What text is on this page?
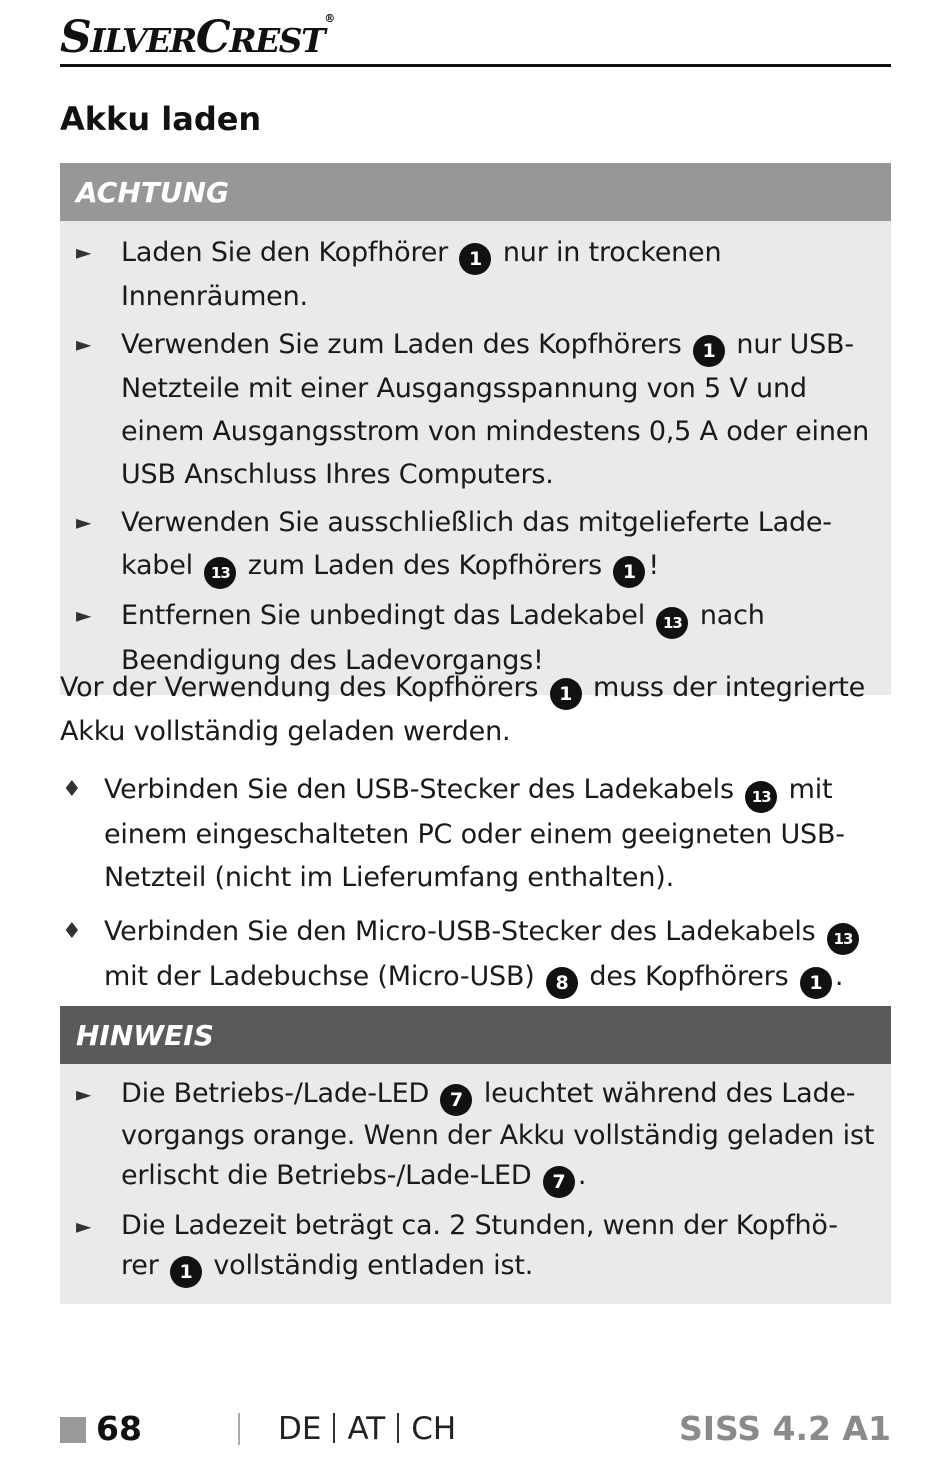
SILVERCREST®
Akku laden
ACHTUNG
► Laden Sie den Kopfhörer 1 nur in trockenen Innenräumen.
► Verwenden Sie zum Laden des Kopfhörers 1 nur USB-Netzteile mit einer Ausgangsspannung von 5 V und einem Ausgangsstrom von mindestens 0,5 A oder einen USB Anschluss Ihres Computers.
► Verwenden Sie ausschließlich das mitgelieferte Lade-kabel 13 zum Laden des Kopfhörers 1 !
► Entfernen Sie unbedingt das Ladekabel 13 nach Beendigung des Ladevorgangs!
Vor der Verwendung des Kopfhörers 1 muss der integrierte Akku vollständig geladen werden.
♦ Verbinden Sie den USB-Stecker des Ladekabels 13 mit einem eingeschalteten PC oder einem geeigneten USB-Netzteil (nicht im Lieferumfang enthalten).
♦ Verbinden Sie den Micro-USB-Stecker des Ladekabels 13 mit der Ladebuchse (Micro-USB) 8 des Kopfhörers 1 .
HINWEIS
► Die Betriebs-/Lade-LED 7 leuchtet während des Lade-vorgangs orange. Wenn der Akku vollständig geladen ist erlischt die Betriebs-/Lade-LED 7 .
► Die Ladezeit beträgt ca. 2 Stunden, wenn der Kopfhö-rer 1 vollständig entladen ist.
68	DE AT CH	SISS 4.2 A1
